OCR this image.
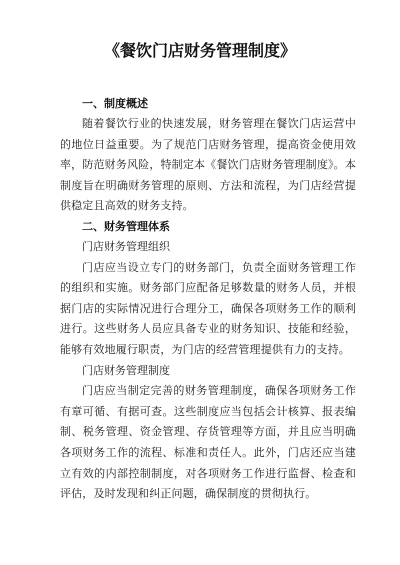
《餐饮门店财务管理制度》
一、制度概述

随着餐饮行业的快速发展，财务管理在餐饮门店运营中的地位日益重要。为了规范门店财务管理，提高资金使用效率，防范财务风险，特制定本《餐饮门店财务管理制度》。本制度旨在明确财务管理的原则、方法和流程，为门店经营提供稳定且高效的财务支持。

二、财务管理体系
门店财务管理组织

门店应当设立专门的财务部门，负责全面财务管理工作的组织和实施。财务部门应配备足够数量的财务人员，并根据门店的实际情况进行合理分工，确保各项财务工作的顺利进行。这些财务人员应具备专业的财务知识、技能和经验，能够有效地履行职责，为门店的经营管理提供有力的支持。

门店财务管理制度

门店应当制定完善的财务管理制度，确保各项财务工作有章可循、有据可查。这些制度应当包括会计核算、报表编制、税务管理、资金管理、存货管理等方面，并且应当明确各项财务工作的流程、标准和责任人。此外，门店还应当建立有效的内部控制制度，对各项财务工作进行监督、检查和评估，及时发现和纠正问题，确保制度的贯彻执行。
